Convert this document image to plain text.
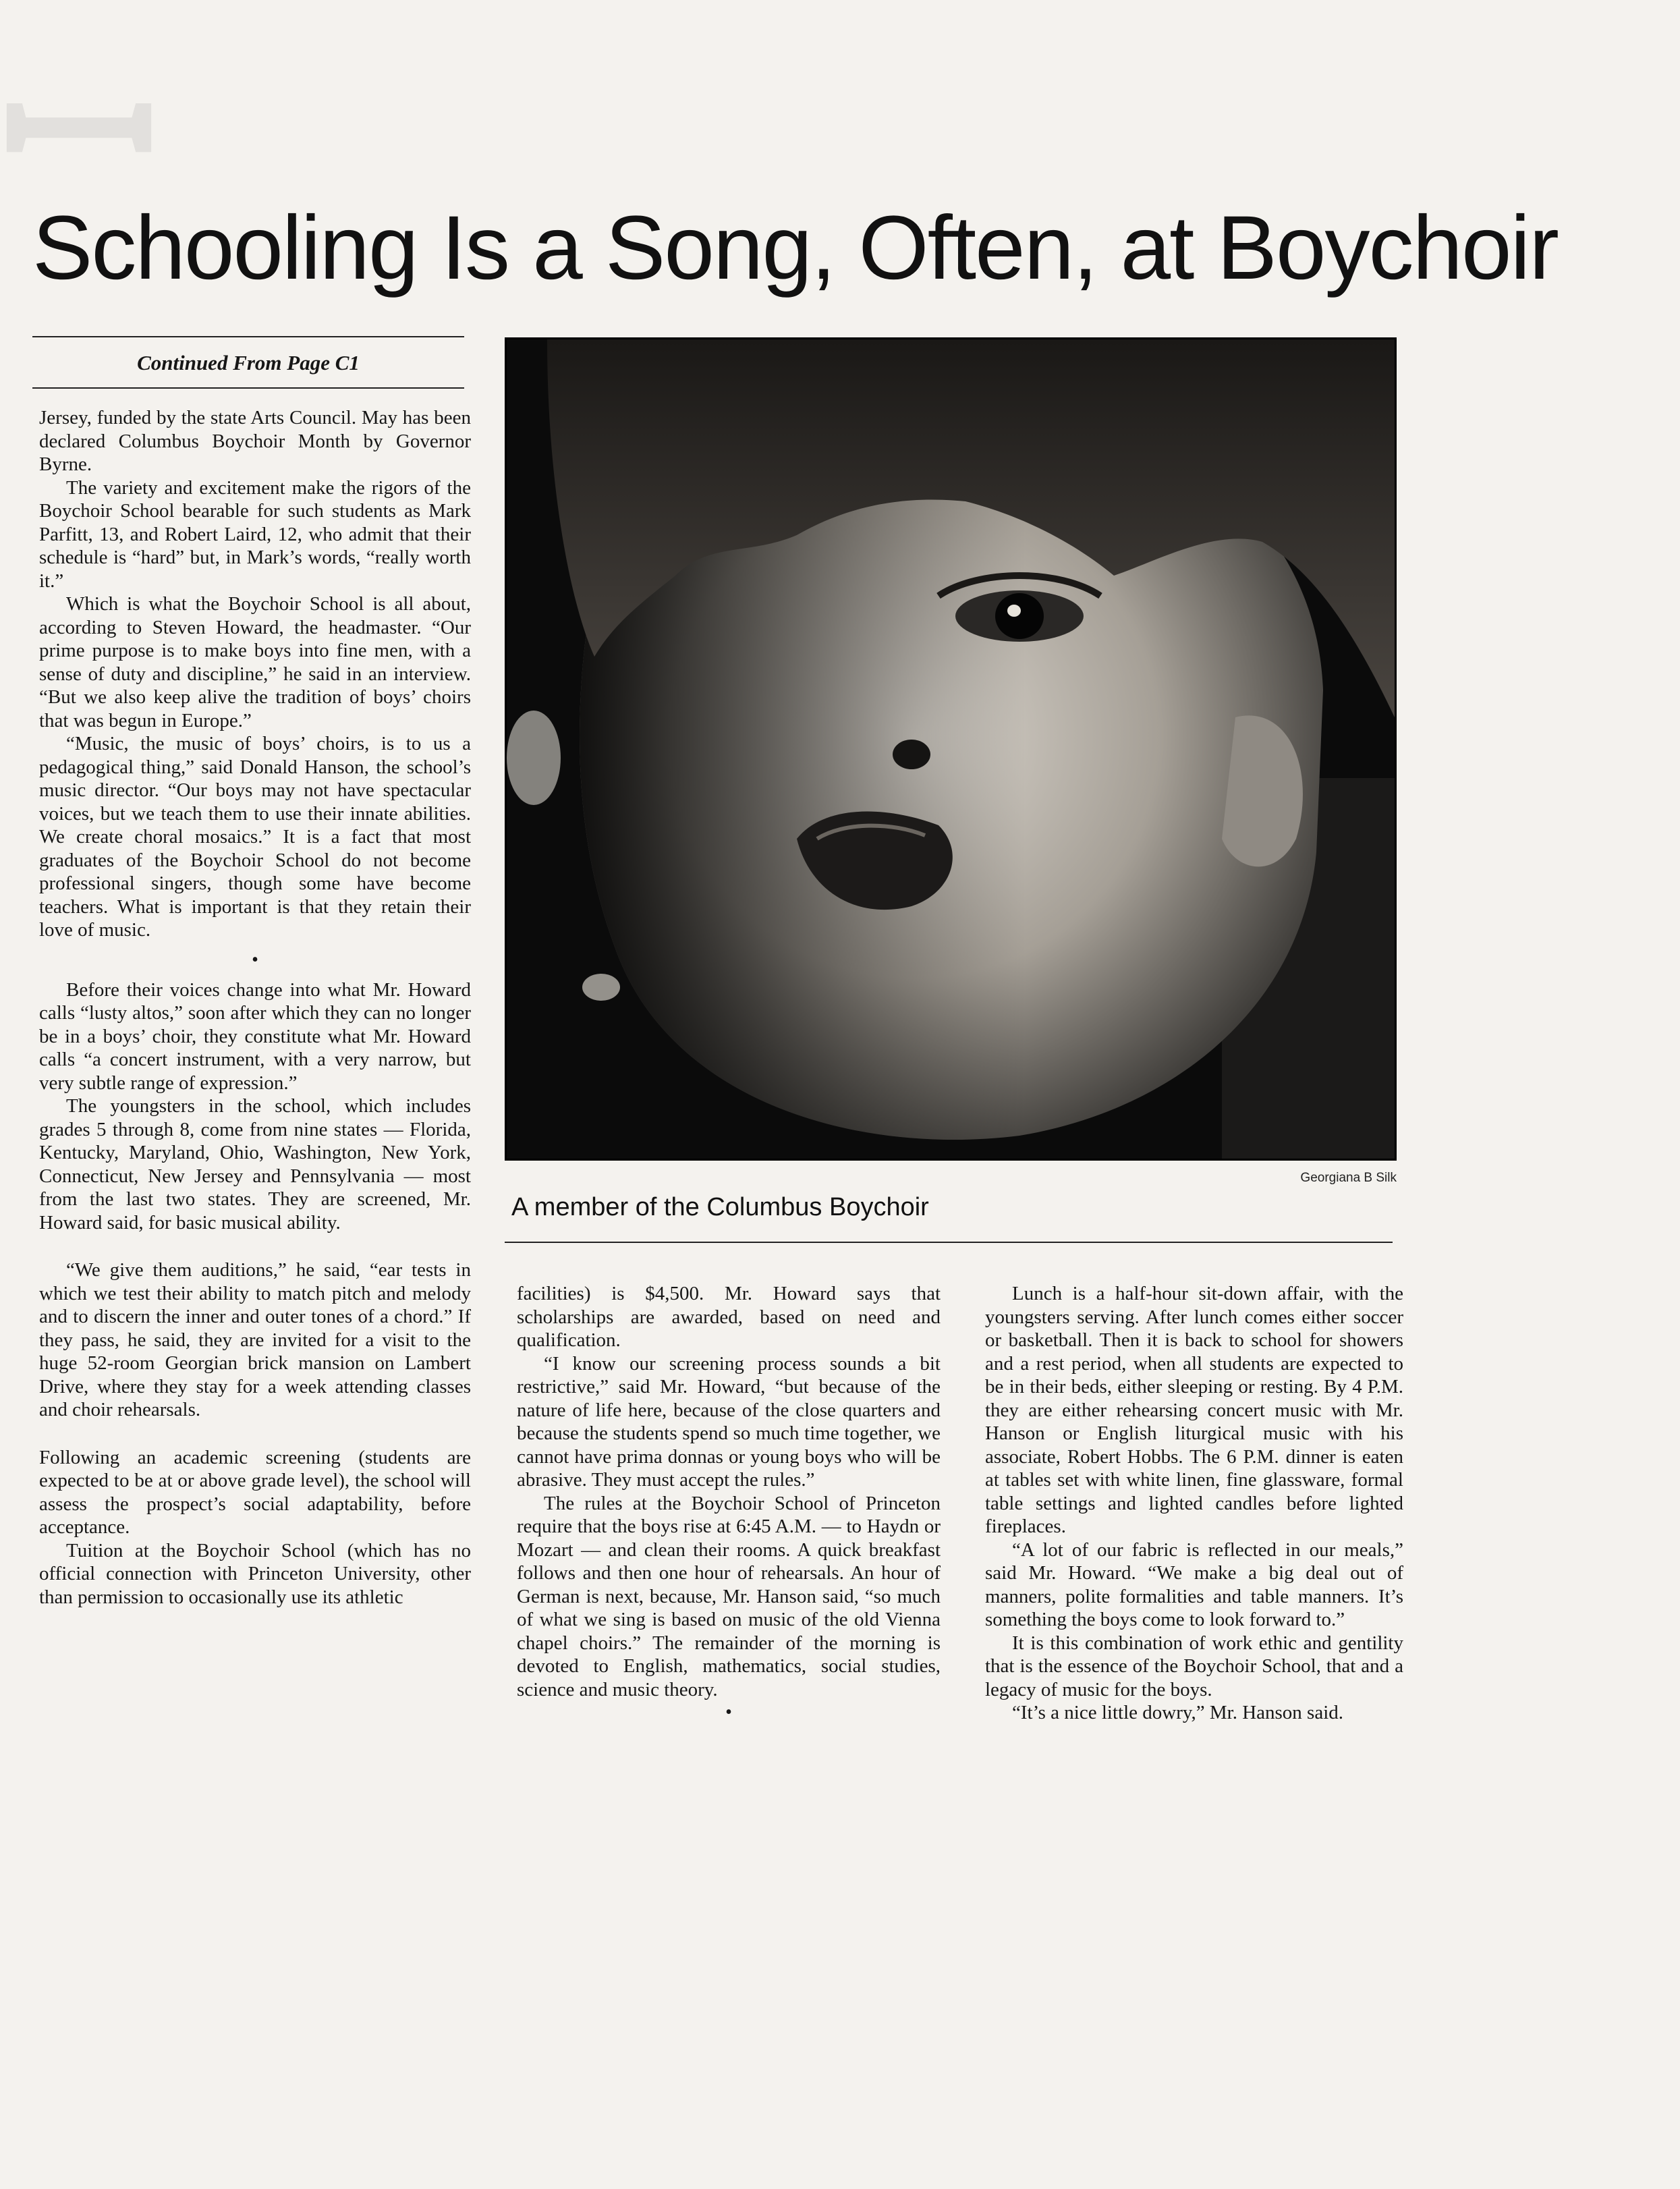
ꟷ
Schooling Is a Song, Often, at Boychoir
Continued From Page C1

Jersey, funded by the state Arts Council. May has been declared Columbus Boychoir Month by Governor Byrne.

The variety and excitement make the rigors of the Boychoir School bearable for such students as Mark Parfitt, 13, and Robert Laird, 12, who admit that their schedule is “hard” but, in Mark’s words, “really worth it.”

Which is what the Boychoir School is all about, according to Steven Howard, the headmaster. “Our prime purpose is to make boys into fine men, with a sense of duty and discipline,” he said in an interview. “But we also keep alive the tradition of boys’ choirs that was begun in Europe.”

“Music, the music of boys’ choirs, is to us a pedagogical thing,” said Donald Hanson, the school’s music director. “Our boys may not have spectacular voices, but we teach them to use their innate abilities. We create choral mosaics.” It is a fact that most graduates of the Boychoir School do not become professional singers, though some have become teachers. What is important is that they retain their love of music.

•

Before their voices change into what Mr. Howard calls “lusty altos,” soon after which they can no longer be in a boys’ choir, they constitute what Mr. Howard calls “a concert instrument, with a very narrow, but very subtle range of expression.”

The youngsters in the school, which includes grades 5 through 8, come from nine states — Florida, Kentucky, Maryland, Ohio, Washington, New York, Connecticut, New Jersey and Pennsylvania — most from the last two states. They are screened, Mr. Howard said, for basic musical ability.

“We give them auditions,” he said, “ear tests in which we test their ability to match pitch and melody and to discern the inner and outer tones of a chord.” If they pass, he said, they are invited for a visit to the huge 52-room Georgian brick mansion on Lambert Drive, where they stay for a week attending classes and choir rehearsals.

Following an academic screening (students are expected to be at or above grade level), the school will assess the prospect’s social adaptability, before acceptance.

Tuition at the Boychoir School (which has no official connection with Princeton University, other than permission to occasionally use its athletic

Georgiana B Silk
A member of the Columbus Boychoir

facilities) is $4,500. Mr. Howard says that scholarships are awarded, based on need and qualification.

“I know our screening process sounds a bit restrictive,” said Mr. Howard, “but because of the nature of life here, because of the close quarters and because the students spend so much time together, we cannot have prima donnas or young boys who will be abrasive. They must accept the rules.”

The rules at the Boychoir School of Princeton require that the boys rise at 6:45 A.M. — to Haydn or Mozart — and clean their rooms. A quick breakfast follows and then one hour of rehearsals. An hour of German is next, because, Mr. Hanson said, “so much of what we sing is based on music of the old Vienna chapel choirs.” The remainder of the morning is devoted to English, mathematics, social studies, science and music theory.

•

Lunch is a half-hour sit-down affair, with the youngsters serving. After lunch comes either soccer or basketball. Then it is back to school for showers and a rest period, when all students are expected to be in their beds, either sleeping or resting. By 4 P.M. they are either rehearsing concert music with Mr. Hanson or English liturgical music with his associate, Robert Hobbs. The 6 P.M. dinner is eaten at tables set with white linen, fine glassware, formal table settings and lighted candles before lighted fireplaces.

“A lot of our fabric is reflected in our meals,” said Mr. Howard. “We make a big deal out of manners, polite formalities and table manners. It’s something the boys come to look forward to.”

It is this combination of work ethic and gentility that is the essence of the Boychoir School, that and a legacy of music for the boys.

“It’s a nice little dowry,” Mr. Hanson said.
